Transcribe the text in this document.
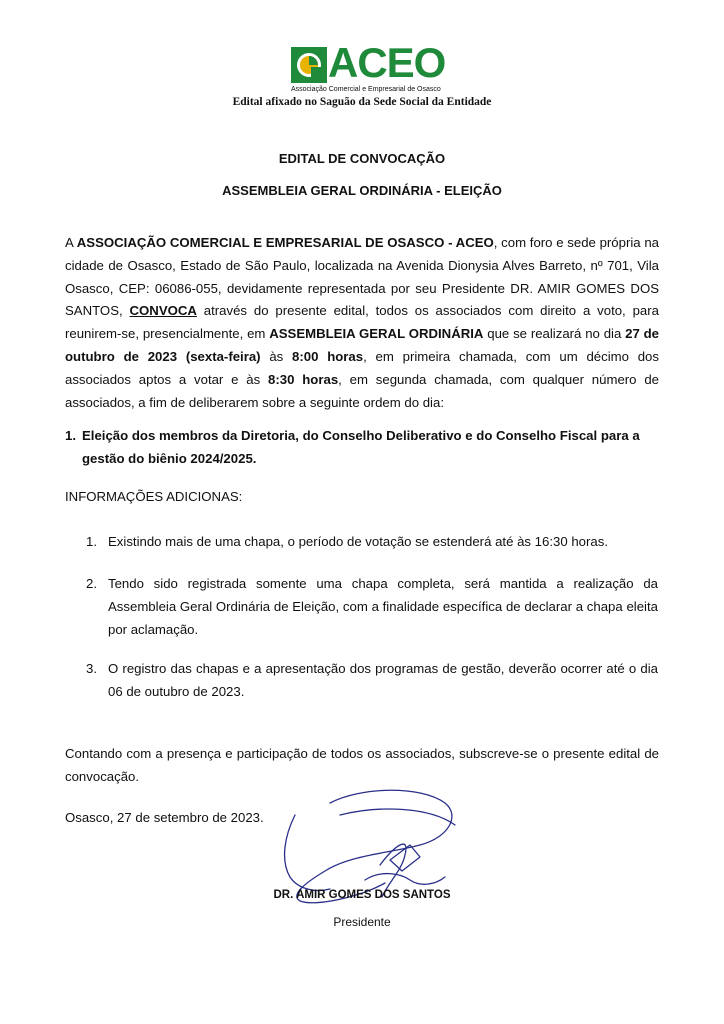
ACEO
Associação Comercial e Empresarial de Osasco
Edital afixado no Saguão da Sede Social da Entidade
EDITAL DE CONVOCAÇÃO
ASSEMBLEIA GERAL ORDINÁRIA - ELEIÇÃO
A ASSOCIAÇÃO COMERCIAL E EMPRESARIAL DE OSASCO - ACEO, com foro e sede própria na cidade de Osasco, Estado de São Paulo, localizada na Avenida Dionysia Alves Barreto, nº 701, Vila Osasco, CEP: 06086-055, devidamente representada por seu Presidente DR. AMIR GOMES DOS SANTOS, CONVOCA através do presente edital, todos os associados com direito a voto, para reunirem-se, presencialmente, em ASSEMBLEIA GERAL ORDINÁRIA que se realizará no dia 27 de outubro de 2023 (sexta-feira) às 8:00 horas, em primeira chamada, com um décimo dos associados aptos a votar e às 8:30 horas, em segunda chamada, com qualquer número de associados, a fim de deliberarem sobre a seguinte ordem do dia:
1. Eleição dos membros da Diretoria, do Conselho Deliberativo e do Conselho Fiscal para a gestão do biênio 2024/2025.
INFORMAÇÕES ADICIONAS:
1. Existindo mais de uma chapa, o período de votação se estenderá até às 16:30 horas.
2. Tendo sido registrada somente uma chapa completa, será mantida a realização da Assembleia Geral Ordinária de Eleição, com a finalidade específica de declarar a chapa eleita por aclamação.
3. O registro das chapas e a apresentação dos programas de gestão, deverão ocorrer até o dia 06 de outubro de 2023.
Contando com a presença e participação de todos os associados, subscreve-se o presente edital de convocação.
Osasco, 27 de setembro de 2023.
DR. AMIR GOMES DOS SANTOS
Presidente
